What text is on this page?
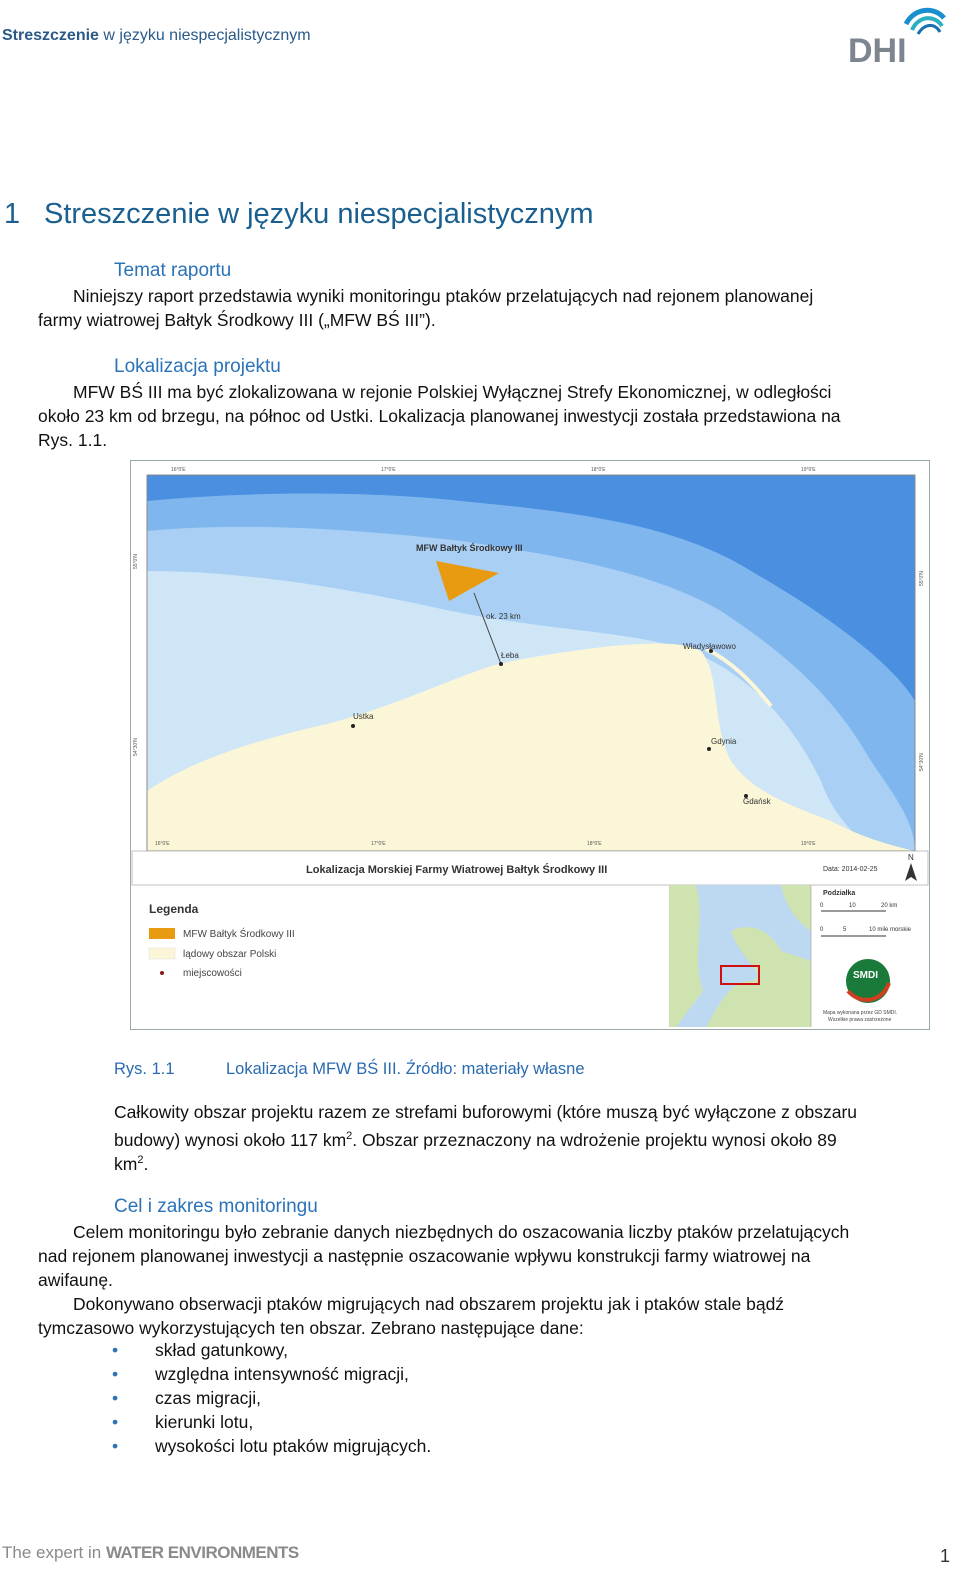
Streszczenie w języku niespecjalistycznym	DHI
1 Streszczenie w języku niespecjalistycznym
Temat raportu
Niniejszy raport przedstawia wyniki monitoringu ptaków przelatujących nad rejonem planowanej
farmy wiatrowej Bałtyk Środkowy III („MFW BŚ III”).
Lokalizacja projektu
MFW BŚ III ma być zlokalizowana w rejonie Polskiej Wyłącznej Strefy Ekonomicznej, w odległości
około 23 km od brzegu, na północ od Ustki. Lokalizacja planowanej inwestycji została przedstawiona na
Rys. 1.1.
ok. 23 km
MFW Bałtyk Środkowy III
Łeba
Władysławowo
Ustka
Gdynia
Gdańsk
16°0'E	17°0'E	18°0'E	19°0'E
16°0'E	17°0'E	18°0'E	19°0'E
55°0'N
54°30'N
55°0'N
54°30'N
Lokalizacja Morskiej Farmy Wiatrowej Bałtyk Środkowy III	Data: 2014-02-25
N
Legenda
MFW Bałtyk Środkowy III
lądowy obszar Polski
miejscowości
Podziałka
0	10	20 km
0	5	10 mile morskie
SMDI
Mapa wykonana przez GD SMDI.
Wszelkie prawa zastrzeżone
Rys. 1.1	Lokalizacja MFW BŚ III. Źródło: materiały własne
Całkowity obszar projektu razem ze strefami buforowymi (które muszą być wyłączone z obszaru
budowy) wynosi około 117 $km^2$. Obszar przeznaczony na wdrożenie projektu wynosi około 89
$km^2$.
Cel i zakres monitoringu
Celem monitoringu było zebranie danych niezbędnych do oszacowania liczby ptaków przelatujących
nad rejonem planowanej inwestycji a następnie oszacowanie wpływu konstrukcji farmy wiatrowej na
awifaunę.
Dokonywano obserwacji ptaków migrujących nad obszarem projektu jak i ptaków stale bądź
tymczasowo wykorzystujących ten obszar. Zebrano następujące dane:
• skład gatunkowy,
• względna intensywność migracji,
• czas migracji,
• kierunki lotu,
• wysokości lotu ptaków migrujących.
The expert in WATER ENVIRONMENTS	1
